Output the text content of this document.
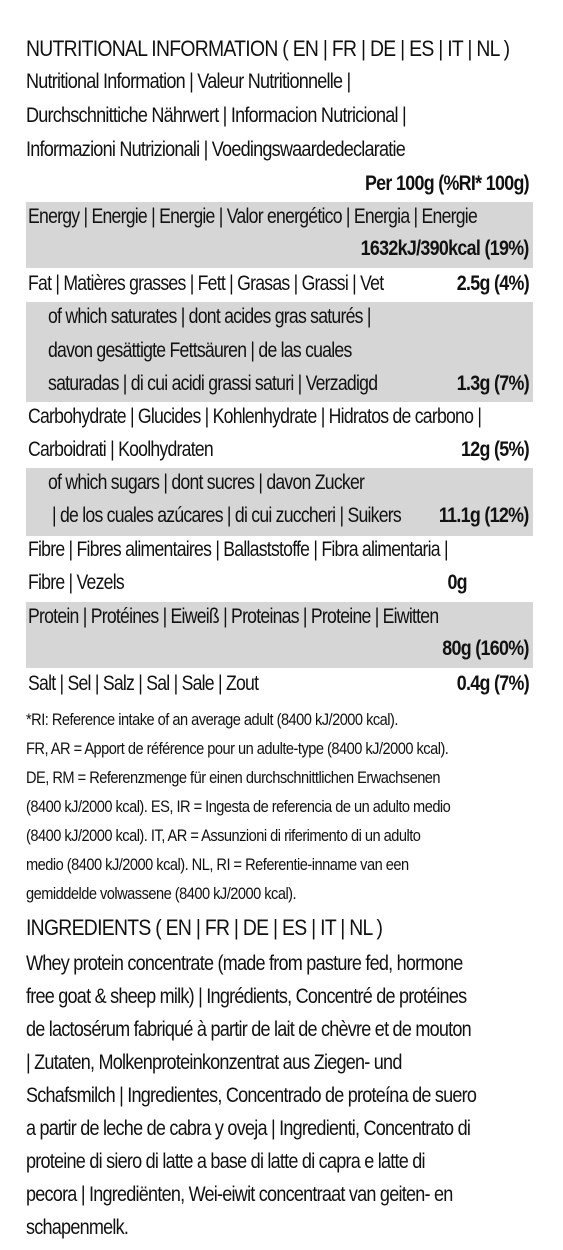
NUTRITIONAL INFORMATION ( EN | FR | DE | ES | IT | NL )
Nutritional Information | Valeur Nutritionnelle |
Durchschnittiche Nährwert | Informacion Nutricional |
Informazioni Nutrizionali | Voedingswaardedeclaratie
Per 100g (%RI* 100g)
Energy | Energie | Energie | Valor energético | Energia | Energie
1632kJ/390kcal (19%)
Fat | Matières grasses | Fett | Grasas | Grassi | Vet	2.5g (4%)
of which saturates | dont acides gras saturés |
davon gesättigte Fettsäuren | de las cuales
saturadas | di cui acidi grassi saturi | Verzadigd	1.3g (7%)
Carbohydrate | Glucides | Kohlenhydrate | Hidratos de carbono |
Carboidrati | Koolhydraten	12g (5%)
of which sugars | dont sucres | davon Zucker
| de los cuales azúcares | di cui zuccheri | Suikers 11.1g (12%)
Fibre | Fibres alimentaires | Ballaststoffe | Fibra alimentaria |
Fibre | Vezels	0g
Protein | Protéines | Eiweiß | Proteinas | Proteine | Eiwitten
80g (160%)
Salt | Sel | Salz | Sal | Sale | Zout	0.4g (7%)
*RI: Reference intake of an average adult (8400 kJ/2000 kcal).
FR, AR = Apport de référence pour un adulte-type (8400 kJ/2000 kcal).
DE, RM = Referenzmenge für einen durchschnittlichen Erwachsenen
(8400 kJ/2000 kcal). ES, IR = Ingesta de referencia de un adulto medio
(8400 kJ/2000 kcal). IT, AR = Assunzioni di riferimento di un adulto
medio (8400 kJ/2000 kcal). NL, RI = Referentie-inname van een
gemiddelde volwassene (8400 kJ/2000 kcal).
INGREDIENTS ( EN | FR | DE | ES | IT | NL )
Whey protein concentrate (made from pasture fed, hormone
free goat & sheep milk) | Ingrédients, Concentré de protéines
de lactosérum fabriqué à partir de lait de chèvre et de mouton
| Zutaten, Molkenproteinkonzentrat aus Ziegen- und
Schafsmilch | Ingredientes, Concentrado de proteína de suero
a partir de leche de cabra y oveja | Ingredienti, Concentrato di
proteine di siero di latte a base di latte di capra e latte di
pecora | Ingrediënten, Wei-eiwit concentraat van geiten- en
schapenmelk.
